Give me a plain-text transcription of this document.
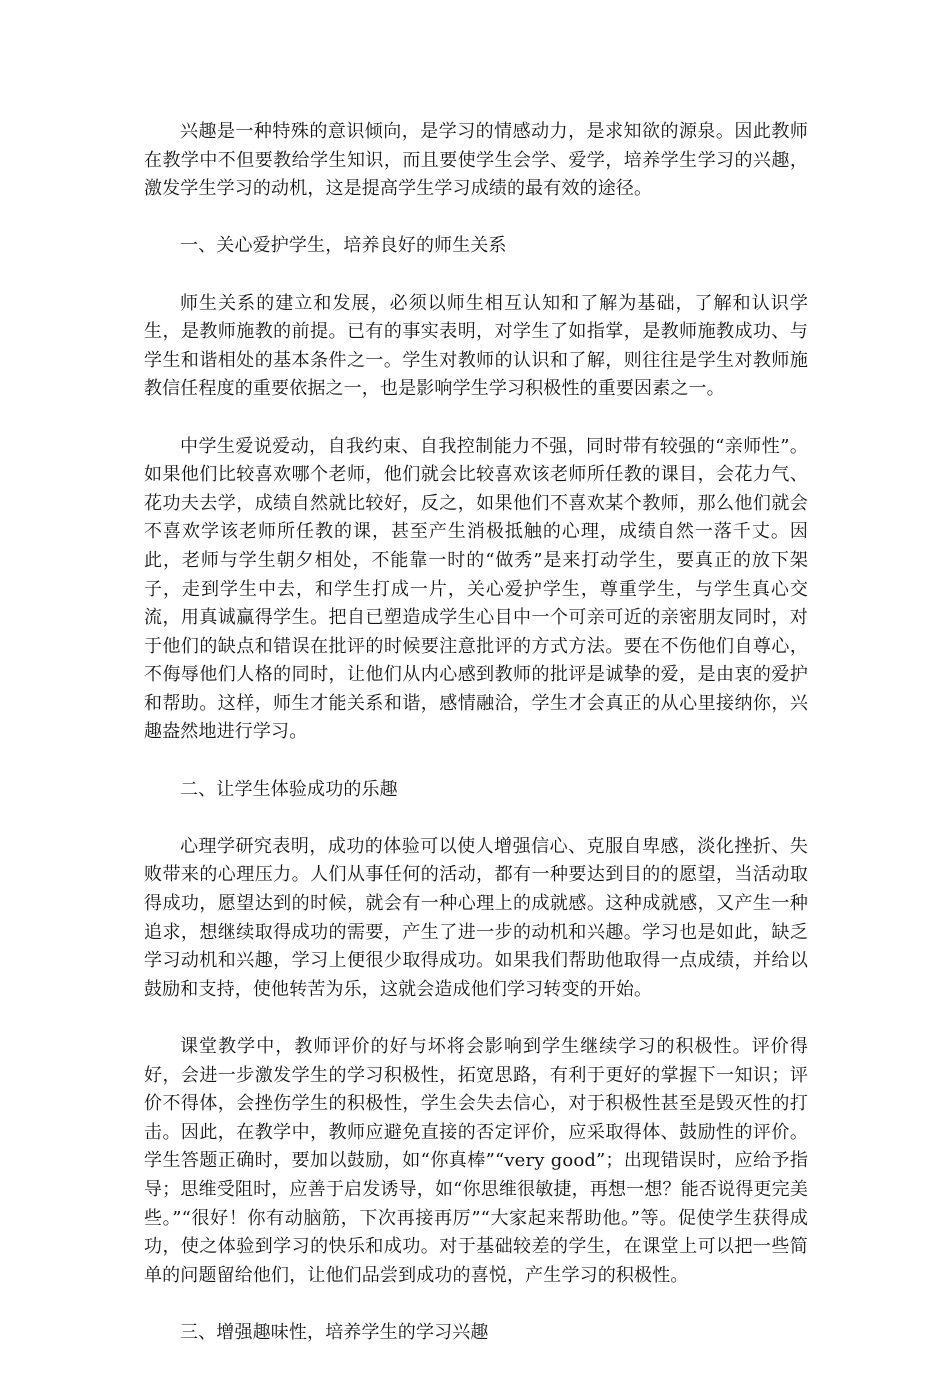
兴趣是一种特殊的意识倾向，是学习的情感动力，是求知欲的源泉。因此教师在教学中不但要教给学生知识，而且要使学生会学、爱学，培养学生学习的兴趣，激发学生学习的动机，这是提高学生学习成绩的最有效的途径。

一、关心爱护学生，培养良好的师生关系

师生关系的建立和发展，必须以师生相互认知和了解为基础，了解和认识学生，是教师施教的前提。已有的事实表明，对学生了如指掌，是教师施教成功、与学生和谐相处的基本条件之一。学生对教师的认识和了解，则往往是学生对教师施教信任程度的重要依据之一，也是影响学生学习积极性的重要因素之一。

中学生爱说爱动，自我约束、自我控制能力不强，同时带有较强的“亲师性”。如果他们比较喜欢哪个老师，他们就会比较喜欢该老师所任教的课目，会花力气、花功夫去学，成绩自然就比较好，反之，如果他们不喜欢某个教师，那么他们就会不喜欢学该老师所任教的课，甚至产生消极抵触的心理，成绩自然一落千丈。因此，老师与学生朝夕相处，不能靠一时的“做秀”是来打动学生，要真正的放下架子，走到学生中去，和学生打成一片，关心爱护学生，尊重学生，与学生真心交流，用真诚赢得学生。把自已塑造成学生心目中一个可亲可近的亲密朋友同时，对于他们的缺点和错误在批评的时候要注意批评的方式方法。要在不伤他们自尊心，不侮辱他们人格的同时，让他们从内心感到教师的批评是诚挚的爱，是由衷的爱护和帮助。这样，师生才能关系和谐，感情融洽，学生才会真正的从心里接纳你，兴趣盎然地进行学习。

二、让学生体验成功的乐趣

心理学研究表明，成功的体验可以使人增强信心、克服自卑感，淡化挫折、失败带来的心理压力。人们从事任何的活动，都有一种要达到目的的愿望，当活动取得成功，愿望达到的时候，就会有一种心理上的成就感。这种成就感，又产生一种追求，想继续取得成功的需要，产生了进一步的动机和兴趣。学习也是如此，缺乏学习动机和兴趣，学习上便很少取得成功。如果我们帮助他取得一点成绩，并给以鼓励和支持，使他转苦为乐，这就会造成他们学习转变的开始。

课堂教学中，教师评价的好与坏将会影响到学生继续学习的积极性。评价得好，会进一步激发学生的学习积极性，拓宽思路，有利于更好的掌握下一知识；评价不得体，会挫伤学生的积极性，学生会失去信心，对于积极性甚至是毁灭性的打击。因此，在教学中，教师应避免直接的否定评价，应采取得体、鼓励性的评价。学生答题正确时，要加以鼓励，如“你真棒”“very good”；出现错误时，应给予指导；思维受阻时，应善于启发诱导，如“你思维很敏捷，再想一想？能否说得更完美些。”“很好！你有动脑筋，下次再接再厉”“大家起来帮助他。”等。促使学生获得成功，使之体验到学习的快乐和成功。对于基础较差的学生，在课堂上可以把一些简单的问题留给他们，让他们品尝到成功的喜悦，产生学习的积极性。

三、增强趣味性，培养学生的学习兴趣
